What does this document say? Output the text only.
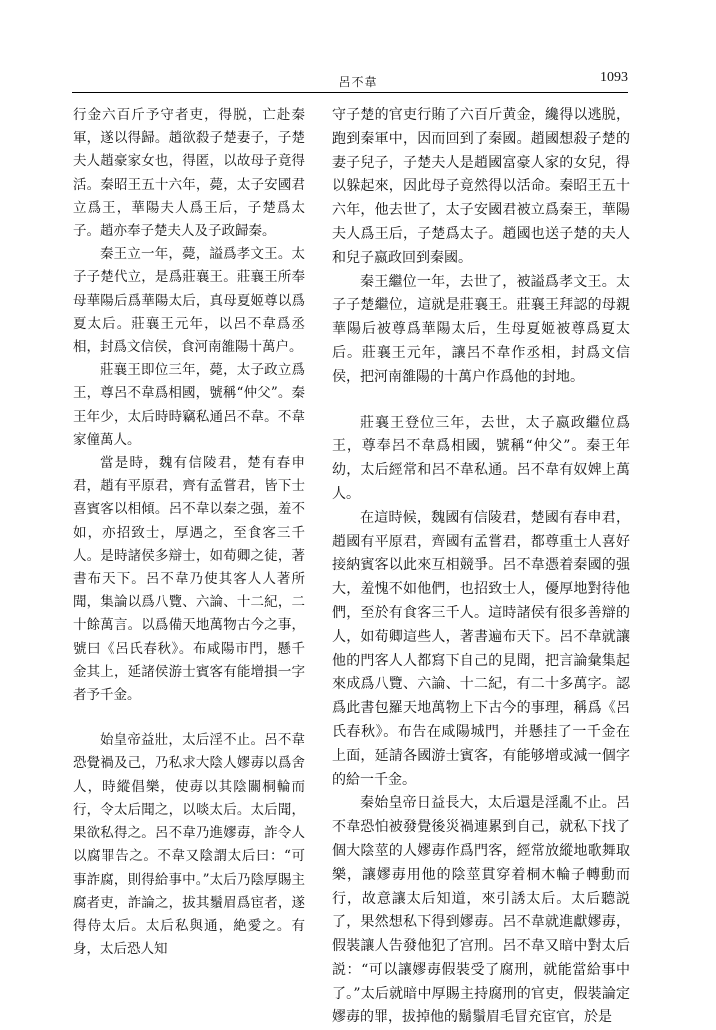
呂不韋	1093

行金六百斤予守者吏，得脱，亡赴秦軍，遂以得歸。趙欲殺子楚妻子，子楚夫人趙豪家女也，得匿，以故母子竟得活。秦昭王五十六年，薨，太子安國君立爲王，華陽夫人爲王后，子楚爲太子。趙亦奉子楚夫人及子政歸秦。

秦王立一年，薨，謚爲孝文王。太子子楚代立，是爲莊襄王。莊襄王所奉母華陽后爲華陽太后，真母夏姬尊以爲夏太后。莊襄王元年，以呂不韋爲丞相，封爲文信侯，食河南雒陽十萬户。

莊襄王即位三年，薨，太子政立爲王，尊呂不韋爲相國，號稱“仲父”。秦王年少，太后時時竊私通呂不韋。不韋家僮萬人。

當是時，魏有信陵君，楚有春申君，趙有平原君，齊有孟嘗君，皆下士喜賓客以相傾。呂不韋以秦之强，羞不如，亦招致士，厚遇之，至食客三千人。是時諸侯多辯士，如荀卿之徒，著書布天下。呂不韋乃使其客人人著所聞，集論以爲八覽、六論、十二紀，二十餘萬言。以爲備天地萬物古今之事，號曰《呂氏春秋》。布咸陽市門，懸千金其上，延諸侯游士賓客有能增損一字者予千金。

始皇帝益壯，太后淫不止。呂不韋恐覺禍及己，乃私求大陰人嫪毐以爲舍人，時縱倡樂，使毐以其陰關桐輪而行，令太后聞之，以啖太后。太后聞，果欲私得之。呂不韋乃進嫪毐，詐令人以腐罪告之。不韋又陰謂太后曰：“可事詐腐，則得給事中。”太后乃陰厚賜主腐者吏，詐論之，拔其鬚眉爲宦者，遂得侍太后。太后私與通，絶愛之。有身，太后恐人知

守子楚的官吏行賄了六百斤黄金，纔得以逃脱，跑到秦軍中，因而回到了秦國。趙國想殺子楚的妻子兒子，子楚夫人是趙國富豪人家的女兒，得以躲起來，因此母子竟然得以活命。秦昭王五十六年，他去世了，太子安國君被立爲秦王，華陽夫人爲王后，子楚爲太子。趙國也送子楚的夫人和兒子嬴政回到秦國。

秦王繼位一年，去世了，被謚爲孝文王。太子子楚繼位，這就是莊襄王。莊襄王拜認的母親華陽后被尊爲華陽太后，生母夏姬被尊爲夏太后。莊襄王元年，讓呂不韋作丞相，封爲文信侯，把河南雒陽的十萬户作爲他的封地。

莊襄王登位三年，去世，太子嬴政繼位爲王，尊奉呂不韋爲相國，號稱“仲父”。秦王年幼，太后經常和呂不韋私通。呂不韋有奴婢上萬人。

在這時候，魏國有信陵君，楚國有春申君，趙國有平原君，齊國有孟嘗君，都尊重士人喜好接納賓客以此來互相競爭。呂不韋憑着秦國的强大，羞愧不如他們，也招致士人，優厚地對待他們，至於有食客三千人。這時諸侯有很多善辯的人，如荀卿這些人，著書遍布天下。呂不韋就讓他的門客人人都寫下自己的見聞，把言論彙集起來成爲八覽、六論、十二紀，有二十多萬字。認爲此書包羅天地萬物上下古今的事理，稱爲《呂氏春秋》。布告在咸陽城門，并懸挂了一千金在上面，延請各國游士賓客，有能够增或減一個字的給一千金。

秦始皇帝日益長大，太后還是淫亂不止。呂不韋恐怕被發覺後災禍連累到自己，就私下找了個大陰莖的人嫪毐作爲門客，經常放縱地歌舞取樂，讓嫪毐用他的陰莖貫穿着桐木輪子轉動而行，故意讓太后知道，來引誘太后。太后聽説了，果然想私下得到嫪毐。呂不韋就進獻嫪毐，假裝讓人告發他犯了宫刑。呂不韋又暗中對太后説：“可以讓嫪毐假裝受了腐刑，就能當給事中了。”太后就暗中厚賜主持腐刑的官吏，假裝論定嫪毐的罪，拔掉他的鬍鬚眉毛冒充宦官，於是
